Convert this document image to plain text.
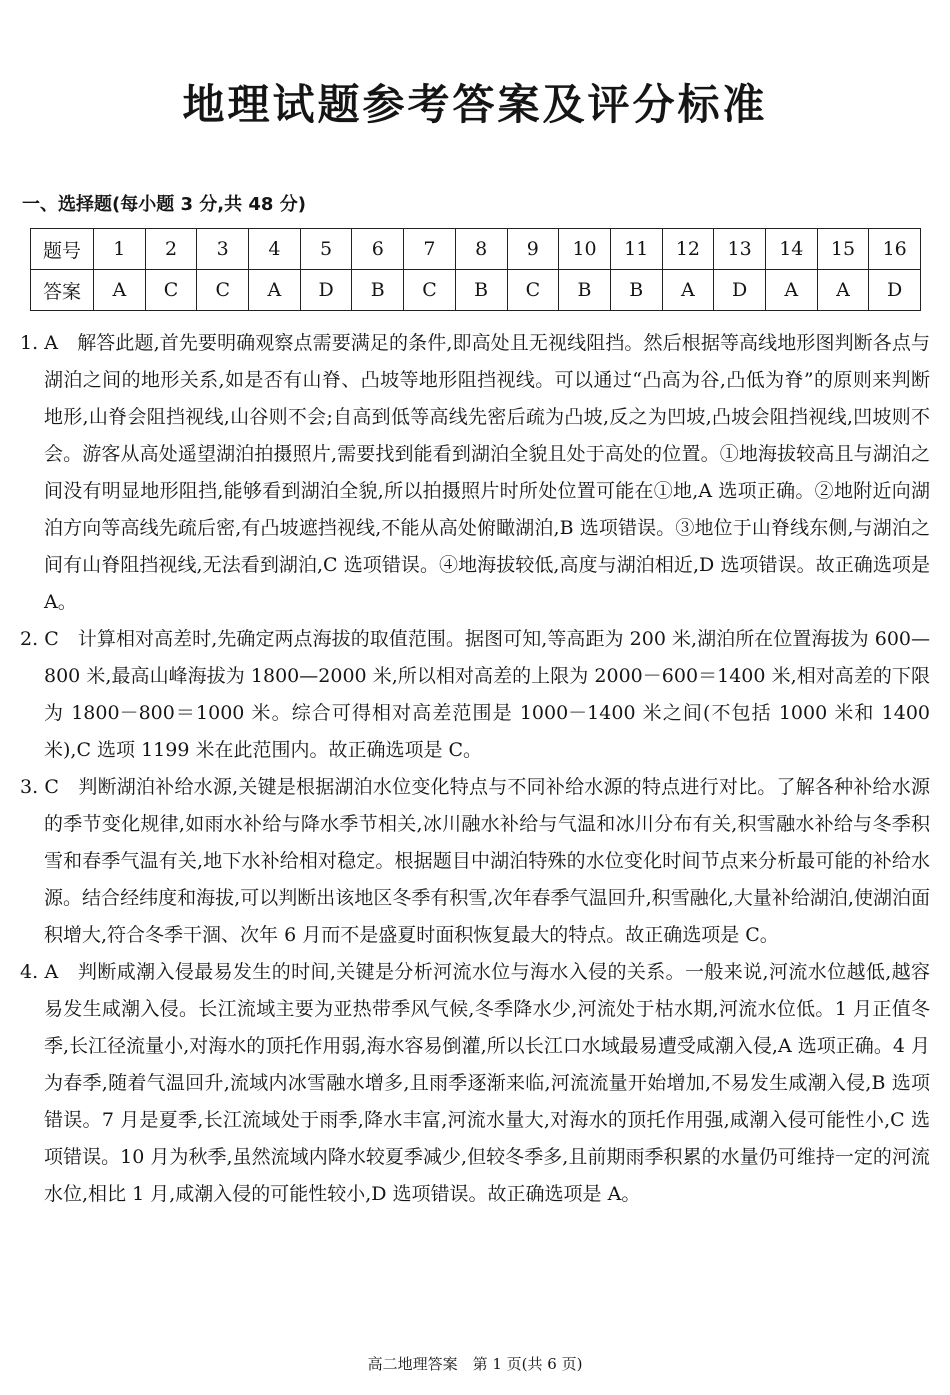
地理试题参考答案及评分标准
一、选择题(每小题 3 分,共 48 分)
题号	1	2	3	4	5	6	7	8	9	10	11	12	13	14	15	16
答案	A	C	C	A	D	B	C	B	C	B	B	A	D	A	A	D

1. A　解答此题,首先要明确观察点需要满足的条件,即高处且无视线阻挡。然后根据等高线地形图判断各点与湖泊之间的地形关系,如是否有山脊、凸坡等地形阻挡视线。可以通过“凸高为谷,凸低为脊”的原则来判断地形,山脊会阻挡视线,山谷则不会;自高到低等高线先密后疏为凸坡,反之为凹坡,凸坡会阻挡视线,凹坡则不会。游客从高处遥望湖泊拍摄照片,需要找到能看到湖泊全貌且处于高处的位置。①地海拔较高且与湖泊之间没有明显地形阻挡,能够看到湖泊全貌,所以拍摄照片时所处位置可能在①地,A 选项正确。②地附近向湖泊方向等高线先疏后密,有凸坡遮挡视线,不能从高处俯瞰湖泊,B 选项错误。③地位于山脊线东侧,与湖泊之间有山脊阻挡视线,无法看到湖泊,C 选项错误。④地海拔较低,高度与湖泊相近,D 选项错误。故正确选项是 A。

2. C　计算相对高差时,先确定两点海拔的取值范围。据图可知,等高距为 200 米,湖泊所在位置海拔为 600—800 米,最高山峰海拔为 1800—2000 米,所以相对高差的上限为 2000－600＝1400 米,相对高差的下限为 1800－800＝1000 米。综合可得相对高差范围是 1000－1400 米之间(不包括 1000 米和 1400 米),C 选项 1199 米在此范围内。故正确选项是 C。

3. C　判断湖泊补给水源,关键是根据湖泊水位变化特点与不同补给水源的特点进行对比。了解各种补给水源的季节变化规律,如雨水补给与降水季节相关,冰川融水补给与气温和冰川分布有关,积雪融水补给与冬季积雪和春季气温有关,地下水补给相对稳定。根据题目中湖泊特殊的水位变化时间节点来分析最可能的补给水源。结合经纬度和海拔,可以判断出该地区冬季有积雪,次年春季气温回升,积雪融化,大量补给湖泊,使湖泊面积增大,符合冬季干涸、次年 6 月而不是盛夏时面积恢复最大的特点。故正确选项是 C。

4. A　判断咸潮入侵最易发生的时间,关键是分析河流水位与海水入侵的关系。一般来说,河流水位越低,越容易发生咸潮入侵。长江流域主要为亚热带季风气候,冬季降水少,河流处于枯水期,河流水位低。1 月正值冬季,长江径流量小,对海水的顶托作用弱,海水容易倒灌,所以长江口水域最易遭受咸潮入侵,A 选项正确。4 月为春季,随着气温回升,流域内冰雪融水增多,且雨季逐渐来临,河流流量开始增加,不易发生咸潮入侵,B 选项错误。7 月是夏季,长江流域处于雨季,降水丰富,河流水量大,对海水的顶托作用强,咸潮入侵可能性小,C 选项错误。10 月为秋季,虽然流域内降水较夏季减少,但较冬季多,且前期雨季积累的水量仍可维持一定的河流水位,相比 1 月,咸潮入侵的可能性较小,D 选项错误。故正确选项是 A。

高二地理答案　第 1 页(共 6 页)
